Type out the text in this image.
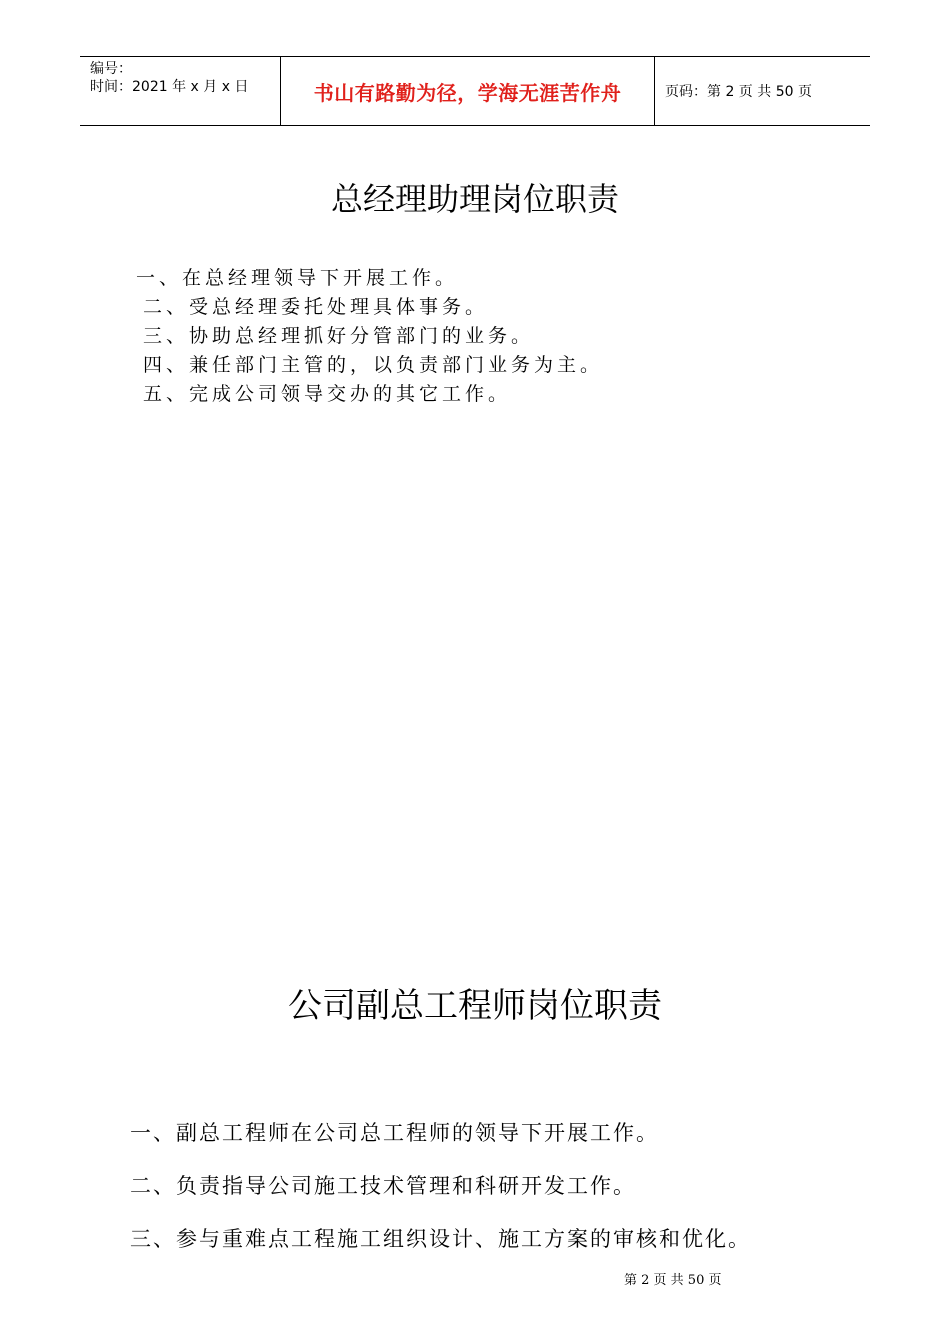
编号：
时间：2021 年 x 月 x 日	书山有路勤为径，学海无涯苦作舟	页码：第 2 页 共 50 页
总经理助理岗位职责
一、在总经理领导下开展工作。
二、受总经理委托处理具体事务。
三、协助总经理抓好分管部门的业务。
四、兼任部门主管的，以负责部门业务为主。
五、完成公司领导交办的其它工作。
公司副总工程师岗位职责
一、副总工程师在公司总工程师的领导下开展工作。
二、负责指导公司施工技术管理和科研开发工作。
三、参与重难点工程施工组织设计、施工方案的审核和优化。
第 2 页 共 50 页
